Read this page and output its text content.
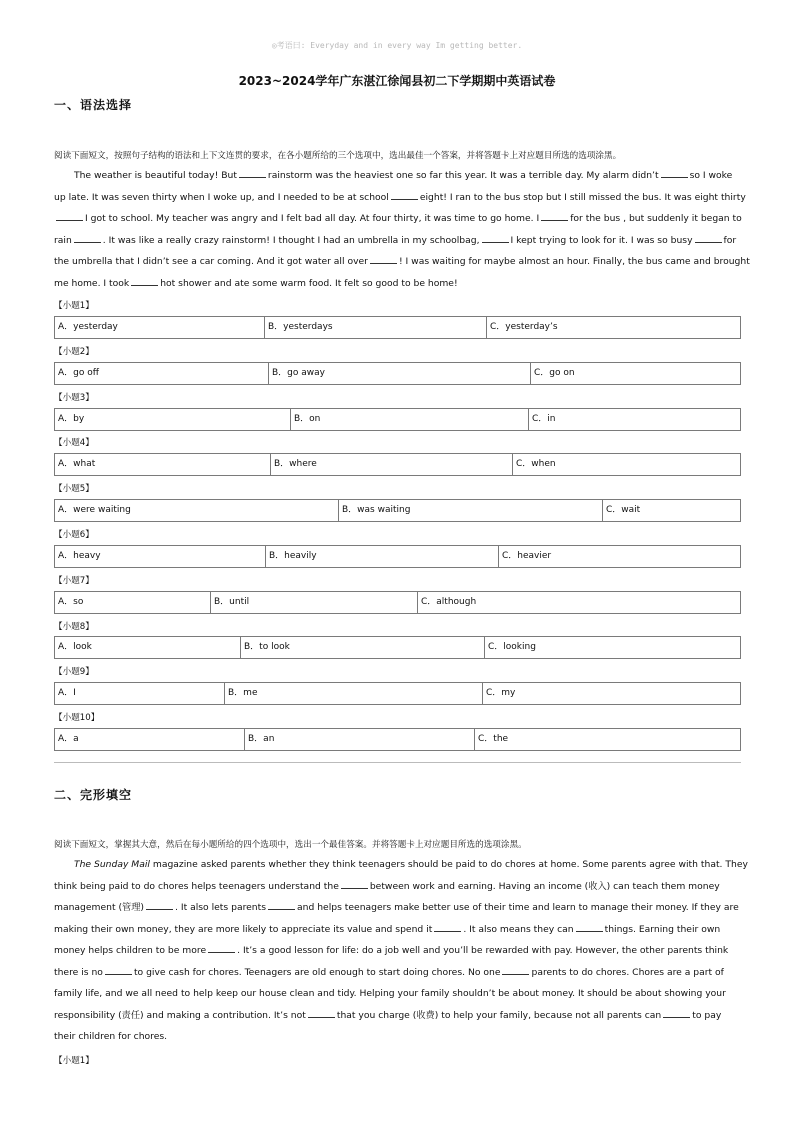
◎考语曰: Everyday and in every way Im getting better.
2023~2024学年广东湛江徐闻县初二下学期期中英语试卷
一、语法选择
阅读下面短文，按照句子结构的语法和上下文连贯的要求，在各小题所给的三个选项中，选出最佳一个答案，并将答题卡上对应题目所选的选项涂黑。
The weather is beautiful today! But	rainstorm was the heaviest one so far this year. It was a terrible day. My alarm didn’t	so I woke
up late. It was seven thirty when I woke up, and I needed to be at school	eight! I ran to the bus stop but I still missed the bus. It was eight thirty
I got to school. My teacher was angry and I felt bad all day. At four thirty, it was time to go home. I	for the bus , but suddenly it began to
rain	. It was like a really crazy rainstorm! I thought I had an umbrella in my schoolbag,	I kept trying to look for it. I was so busy	for
the umbrella that I didn’t see a car coming. And it got water all over	! I was waiting for maybe almost an hour. Finally, the bus came and brought
me home. I took	hot shower and ate some warm food. It felt so good to be home!
【小题1】
A．yesterday	B．yesterdays	C．yesterday’s
【小题2】
A．go off	B．go away	C．go on
【小题3】
A．by	B．on	C．in
【小题4】
A．what	B．where	C．when
【小题5】
A．were waiting	B．was waiting	C．wait
【小题6】
A．heavy	B．heavily	C．heavier
【小题7】
A．so	B．until	C．although
【小题8】
A．look	B．to look	C．looking
【小题9】
A．I	B．me	C．my
【小题10】
A．a	B．an	C．the
二、完形填空
阅读下面短文，掌握其大意，然后在每小题所给的四个选项中，选出一个最佳答案。并将答题卡上对应题目所选的选项涂黑。
The Sunday Mail magazine asked parents whether they think teenagers should be paid to do chores at home. Some parents agree with that. They
think being paid to do chores helps teenagers understand the	between work and earning. Having an income (收入) can teach them money
management (管理)	. It also lets parents	and helps teenagers make better use of their time and learn to manage their money. If they are
making their own money, they are more likely to appreciate its value and spend it	. It also means they can	things. Earning their own
money helps children to be more	. It’s a good lesson for life: do a job well and you’ll be rewarded with pay. However, the other parents think
there is no	to give cash for chores. Teenagers are old enough to start doing chores. No one	parents to do chores. Chores are a part of
family life, and we all need to help keep our house clean and tidy. Helping your family shouldn’t be about money. It should be about showing your
responsibility (责任) and making a contribution. It’s not	that you charge (收费) to help your family, because not all parents can	to pay
their children for chores.
【小题1】
